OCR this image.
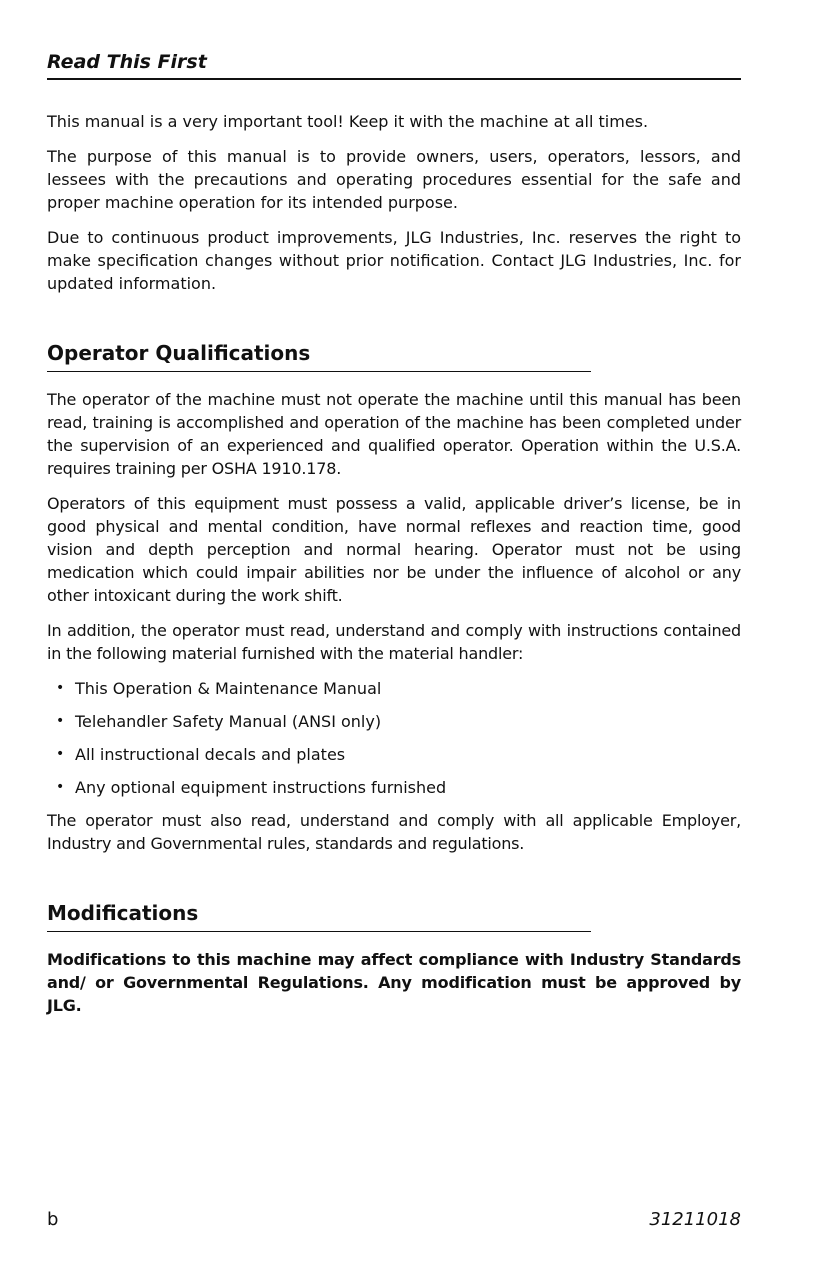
Read This First

This manual is a very important tool! Keep it with the machine at all times.

The purpose of this manual is to provide owners, users, operators, lessors, and lessees with the precautions and operating procedures essential for the safe and proper machine operation for its intended purpose.

Due to continuous product improvements, JLG Industries, Inc. reserves the right to make specification changes without prior notification. Contact JLG Industries, Inc. for updated information.

Operator Qualifications

The operator of the machine must not operate the machine until this manual has been read, training is accomplished and operation of the machine has been completed under the supervision of an experienced and qualified operator. Operation within the U.S.A. requires training per OSHA 1910.178.

Operators of this equipment must possess a valid, applicable driver’s license, be in good physical and mental condition, have normal reflexes and reaction time, good vision and depth perception and normal hearing. Operator must not be using medication which could impair abilities nor be under the influence of alcohol or any other intoxicant during the work shift.

In addition, the operator must read, understand and comply with instructions contained in the following material furnished with the material handler:

• This Operation & Maintenance Manual
• Telehandler Safety Manual (ANSI only)
• All instructional decals and plates
• Any optional equipment instructions furnished

The operator must also read, understand and comply with all applicable Employer, Industry and Governmental rules, standards and regulations.

Modifications

Modifications to this machine may affect compliance with Industry Standards and/ or Governmental Regulations. Any modification must be approved by JLG.

b	31211018
